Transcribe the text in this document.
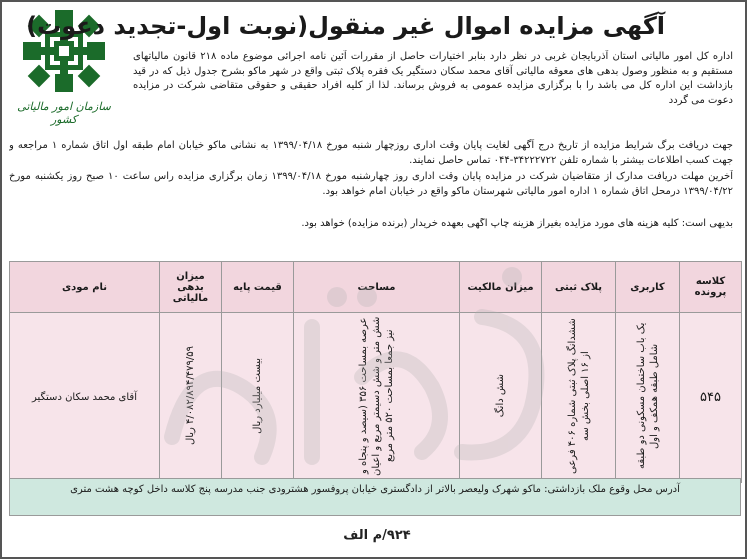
سازمان امور مالیاتی کشور
آگهی مزایده اموال غیر منقول(نوبت اول-تجدید دعوت)
اداره کل امور مالیاتی استان آذربایجان غربی در نظر دارد بنابر اختیارات حاصل از مقررات آئین نامه اجرائی موضوع ماده ۲۱۸ قانون مالیاتهای مستقیم و به منظور وصول بدهی های معوقه مالیاتی آقای محمد سکان دستگیر یک فقره پلاک ثبتی واقع در شهر ماکو بشرح جدول ذیل که در قید بازداشت این اداره کل می باشد را با برگزاری مزایده عمومی به فروش برساند. لذا از کلیه افراد حقیقی و حقوقی متقاضی شرکت در مزایده دعوت می گردد
جهت دریافت برگ شرایط مزایده از تاریخ درج آگهی لغایت پایان وقت اداری روزچهار شنبه مورخ ۱۳۹۹/۰۴/۱۸ به نشانی ماکو خیابان امام طبقه اول اتاق شماره ۱ مراجعه و جهت کسب اطلاعات بیشتر با شماره تلفن ۳۴۲۲۲۷۲۲-۰۴۴ تماس حاصل نمایند.
آخرین مهلت دریافت مدارک از متقاضیان شرکت در مزایده پایان وقت اداری روز چهارشنبه مورخ ۱۳۹۹/۰۴/۱۸ زمان برگزاری مزایده راس ساعت ۱۰ صبح روز یکشنبه مورخ ۱۳۹۹/۰۴/۲۲ درمحل اتاق شماره ۱ اداره امور مالیاتی شهرستان ماکو واقع در خیابان امام خواهد بود.
بدیهی است: کلیه هزینه های مورد مزایده بغیراز هزینه چاپ آگهی بعهده خریدار (برنده مزایده) خواهد بود.
کلاسه پرونده	کاربری	پلاک ثبتی	میزان مالکیت	مساحت	قیمت پایه	میزان بدهی مالیاتی	نام مودی
۵۴۵	یک باب ساختمان مسکونی دو طبقه شامل طبقه همکف و اول	ششدانگ پلاک ثبتی شماره ۴۰۶ فرعی از ۱۶ اصلی بخش سه	شش دانگ	عرصه بمساحت ۳۵۶ (سیصد و پنجاه و شش متر و شش دسیمتر مربع و اعیان نیز جمعا بمساحت ۵۲۰ متر مربع	بیست میلیارد ریال	۴/۰۸۲/۸۹۴/۴۷۹/۵۹ ریال	آقای محمد سکان دستگیر
آدرس محل وقوع ملک بازداشتی: ماکو شهرک ولیعصر بالاتر از دادگستری خیابان پروفسور هشترودی جنب مدرسه پنج کلاسه داخل کوچه هشت متری
۹۲۴/م الف
